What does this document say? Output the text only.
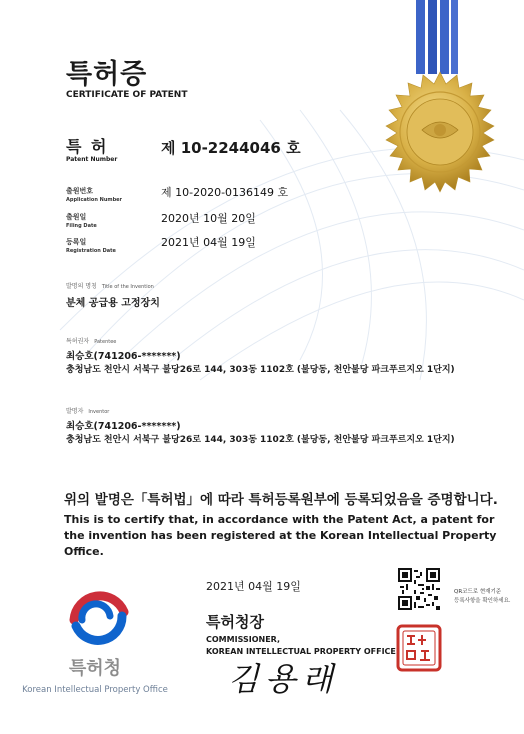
특허증
CERTIFICATE OF PATENT
특 허
Patent Number
제 10-2244046 호
출원번호
Application Number
제 10-2020-0136149 호
출원일
Filing Date
2020년 10월 20일
등록일
Registration Date
2021년 04월 19일
발명의 명칭 Title of the Invention
분체 공급용 고정장치
특허권자 Patentee
최승호(741206-*******)
충청남도 천안시 서북구 불당26로 144, 303동 1102호 (불당동, 천안불당 파크푸르지오 1단지)
발명자 Inventor
최승호(741206-*******)
충청남도 천안시 서북구 불당26로 144, 303동 1102호 (불당동, 천안불당 파크푸르지오 1단지)
위의 발명은「특허법」에 따라 특허등록원부에 등록되었음을 증명합니다.
This is to certify that, in accordance with the Patent Act, a patent for the invention has been registered at the Korean Intellectual Property Office.
2021년 04월 19일	QR코드로 현재기준
등록사항을 확인하세요.
특허청
Korean Intellectual Property Office
특허청장
COMMISSIONER,
KOREAN INTELLECTUAL PROPERTY OFFICE
김용래
